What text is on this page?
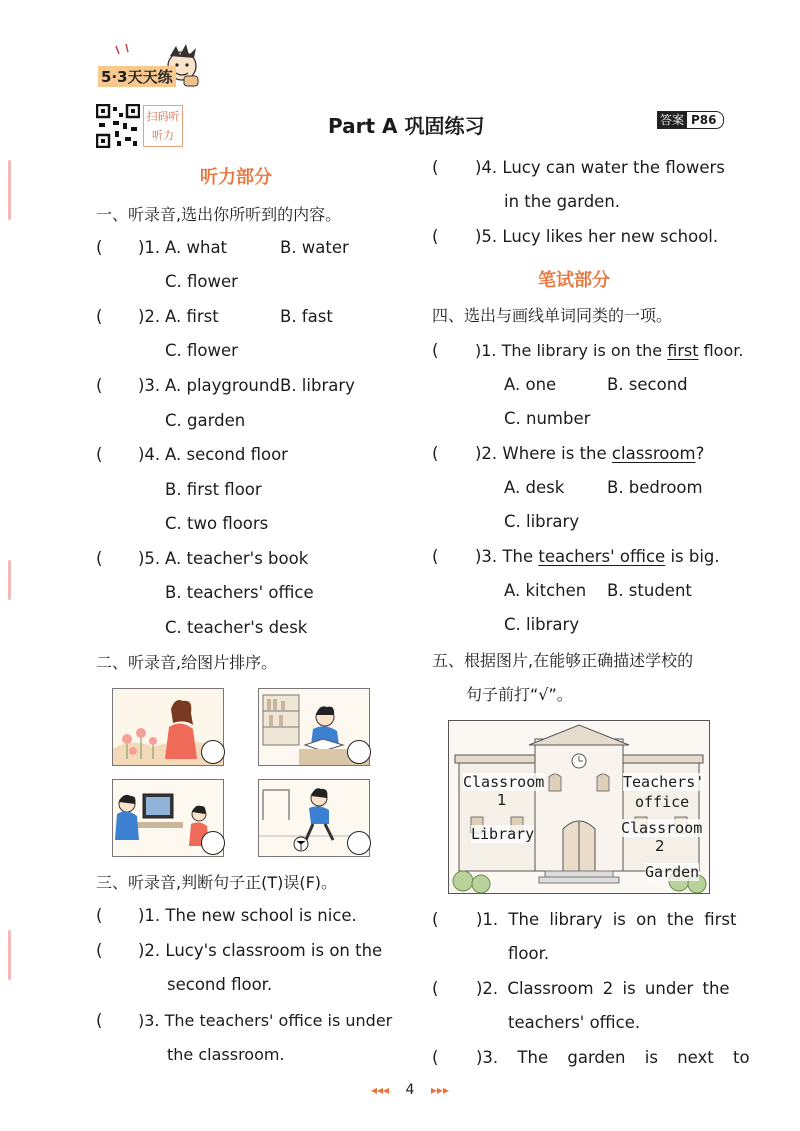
5·3天天练
扫码听听力	Part A 巩固练习	答案 P86
听力部分
一、听录音,选出你所听到的内容。
( )1. A. what	B. water
C. flower
( )2. A. first	B. fast
C. flower
( )3. A. playground B. library
C. garden
( )4. A. second floor
B. first floor
C. two floors
( )5. A. teacher's book
B. teachers' office
C. teacher's desk
二、听录音,给图片排序。
三、听录音,判断句子正(T)误(F)。
( )1. The new school is nice.
( )2. Lucy's classroom is on the
second floor.
( )3. The teachers' office is under
the classroom.
( )4. Lucy can water the flowers
in the garden.
( )5. Lucy likes her new school.
笔试部分
四、选出与画线单词同类的一项。
( )1. The library is on the first floor.
A. one	B. second
C. number
( )2. Where is the classroom?
A. desk	B. bedroom
C. library
( )3. The teachers' office is big.
A. kitchen B. student
C. library
五、根据图片,在能够正确描述学校的
句子前打“√”。
Classroom
1
Teachers'
office
Library	Classroom
2
Garden
( )1. The library is on the first
floor.
( )2. Classroom 2 is under the
teachers' office.
( )3. The garden is next to
◂◂◂ 4 ▸▸▸
